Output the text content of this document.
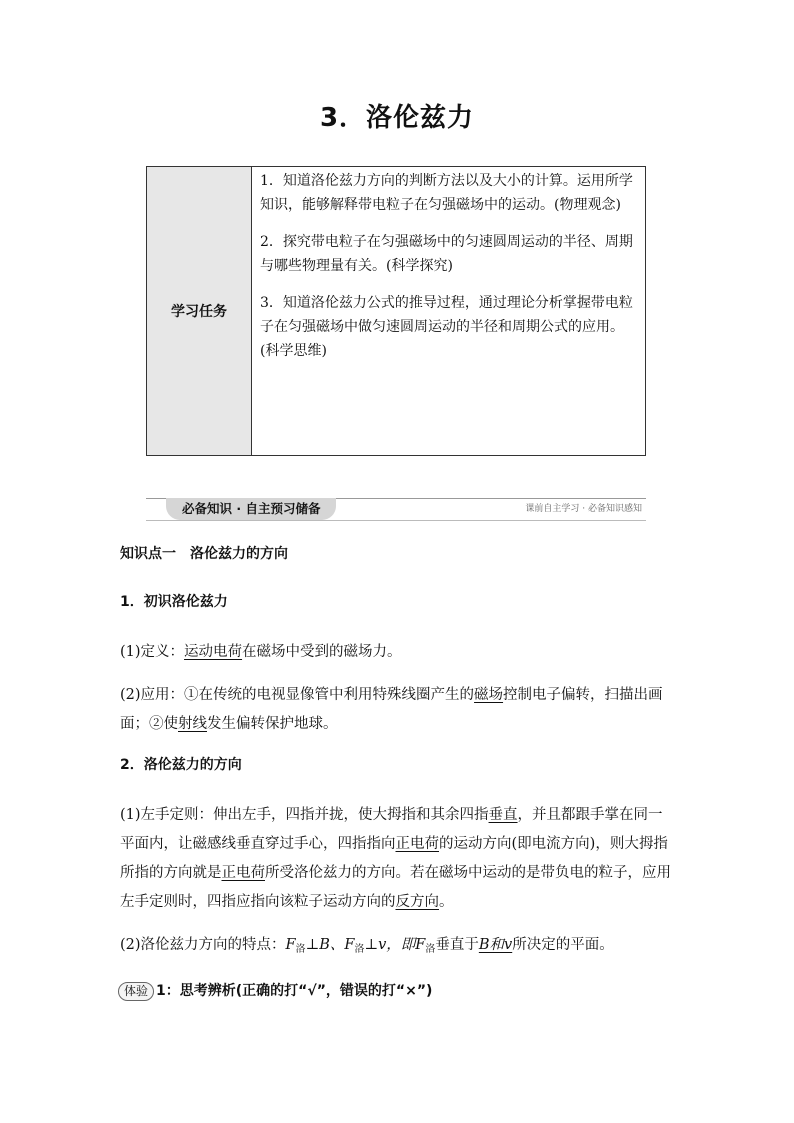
3．洛伦兹力
学习任务
1．知道洛伦兹力方向的判断方法以及大小的计算。运用所学知识，能够解释带电粒子在匀强磁场中的运动。(物理观念)
2．探究带电粒子在匀强磁场中的匀速圆周运动的半径、周期与哪些物理量有关。(科学探究)
3．知道洛伦兹力公式的推导过程，通过理论分析掌握带电粒子在匀强磁场中做匀速圆周运动的半径和周期公式的应用。(科学思维)
必备知识 · 自主预习储备	课前自主学习 · 必备知识感知
知识点一　洛伦兹力的方向
1．初识洛伦兹力
(1)定义：运动电荷在磁场中受到的磁场力。
(2)应用：①在传统的电视显像管中利用特殊线圈产生的磁场控制电子偏转，扫描出画面；②使射线发生偏转保护地球。
2．洛伦兹力的方向
(1)左手定则：伸出左手，四指并拢，使大拇指和其余四指垂直，并且都跟手掌在同一平面内，让磁感线垂直穿过手心，四指指向正电荷的运动方向(即电流方向)，则大拇指所指的方向就是正电荷所受洛伦兹力的方向。若在磁场中运动的是带负电的粒子，应用左手定则时，四指应指向该粒子运动方向的反方向。
(2)洛伦兹力方向的特点：$F_洛\perp B$、$F_洛\perp v$，即$F_洛$垂直于B和v所决定的平面。
体验 1：思考辨析(正确的打“√”，错误的打“×”)
